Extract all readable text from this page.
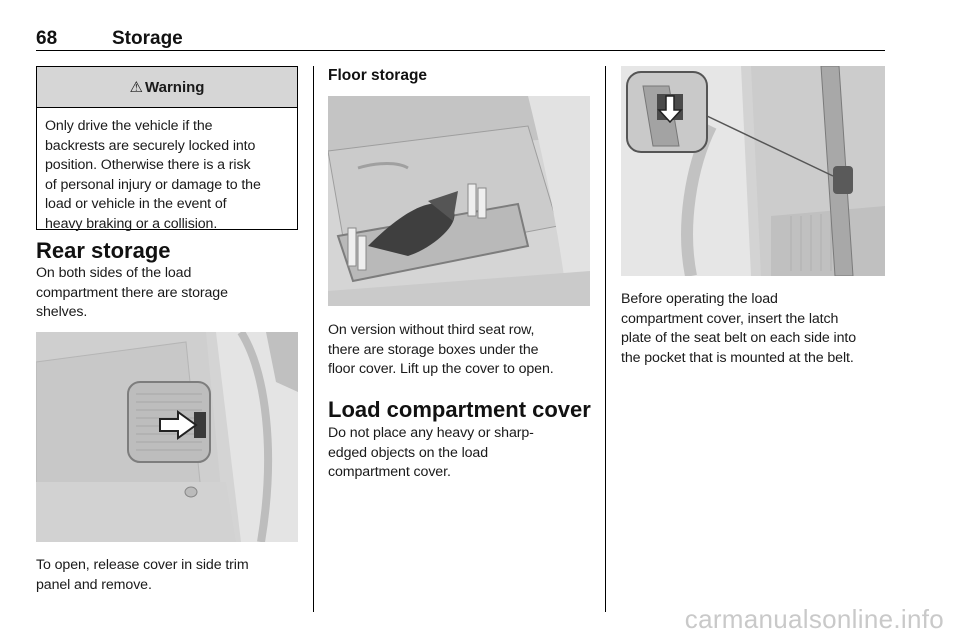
68	Storage
⚠ Warning
Only drive the vehicle if the
backrests are securely locked into
position. Otherwise there is a risk
of personal injury or damage to the
load or vehicle in the event of
heavy braking or a collision.
Rear storage
On both sides of the load
compartment there are storage
shelves.
To open, release cover in side trim
panel and remove.
Floor storage
On version without third seat row,
there are storage boxes under the
floor cover. Lift up the cover to open.
Load compartment cover
Do not place any heavy or sharp-
edged objects on the load
compartment cover.
Before operating the load
compartment cover, insert the latch
plate of the seat belt on each side into
the pocket that is mounted at the belt.
carmanualsonline.info
